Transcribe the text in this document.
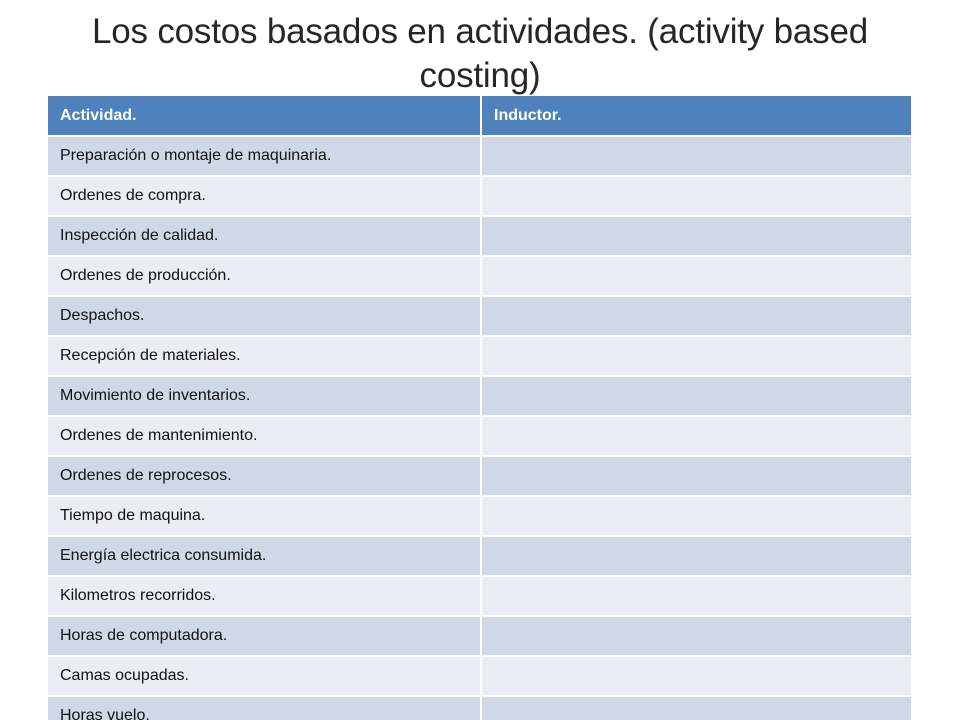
Los costos basados en actividades. (activity based costing)
Actividad.	Inductor.
Preparación o montaje de maquinaria.	
Ordenes de compra.	
Inspección de calidad.	
Ordenes de producción.	
Despachos.	
Recepción de materiales.	
Movimiento de inventarios.	
Ordenes de mantenimiento.	
Ordenes de reprocesos.	
Tiempo de maquina.	
Energía electrica consumida.	
Kilometros recorridos.	
Horas de computadora.	
Camas ocupadas.	
Horas vuelo.	
